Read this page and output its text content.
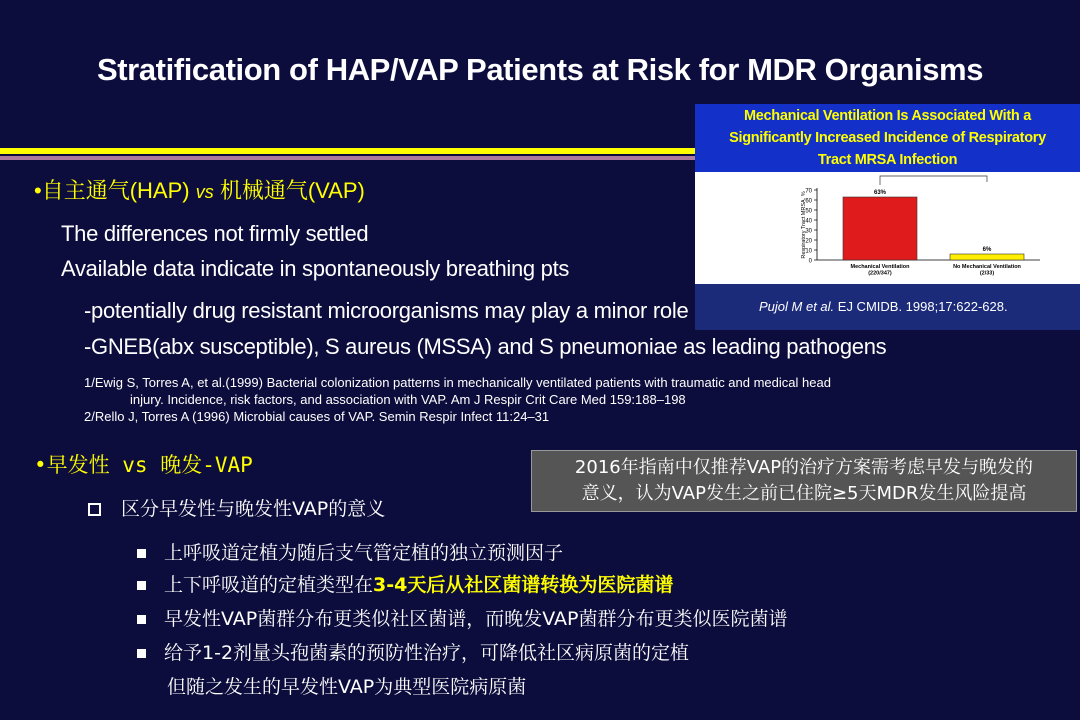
Stratification of HAP/VAP Patients at Risk for MDR Organisms
•自主通气(HAP) vs 机械通气(VAP)
The differences not firmly settled
Available data indicate in spontaneously breathing pts
-potentially drug resistant microorganisms may play a minor role
-GNEB(abx susceptible), S aureus (MSSA) and S pneumoniae as leading pathogens
1/Ewig S, Torres A, et al.(1999) Bacterial colonization patterns in mechanically ventilated patients with traumatic and medical head
injury. Incidence, risk factors, and association with VAP. Am J Respir Crit Care Med 159:188–198
2/Rello J, Torres A (1996) Microbial causes of VAP. Semin Respir Infect 11:24–31
•早发性 vs 晚发-VAP
区分早发性与晚发性VAP的意义
上呼吸道定植为随后支气管定植的独立预测因子
上下呼吸道的定植类型在3-4天后从社区菌谱转换为医院菌谱
早发性VAP菌群分布更类似社区菌谱，而晚发VAP菌群分布更类似医院菌谱
给予1-2剂量头孢菌素的预防性治疗，可降低社区病原菌的定植
但随之发生的早发性VAP为典型医院病原菌
2016年指南中仅推荐VAP的治疗方案需考虑早发与晚发的
意义，认为VAP发生之前已住院≥5天MDR发生风险提高
Mechanical Ventilation Is Associated With a
Significantly Increased Incidence of Respiratory
Tract MRSA Infection
0
10
20
30
40
50
60
70
Respiratory Tract MRSA, %	63%
Mechanical Ventilation
(220/347)
6%
No Mechanical Ventilation
(2/33)
Pujol M et al. EJ CMIDB. 1998;17:622-628.
